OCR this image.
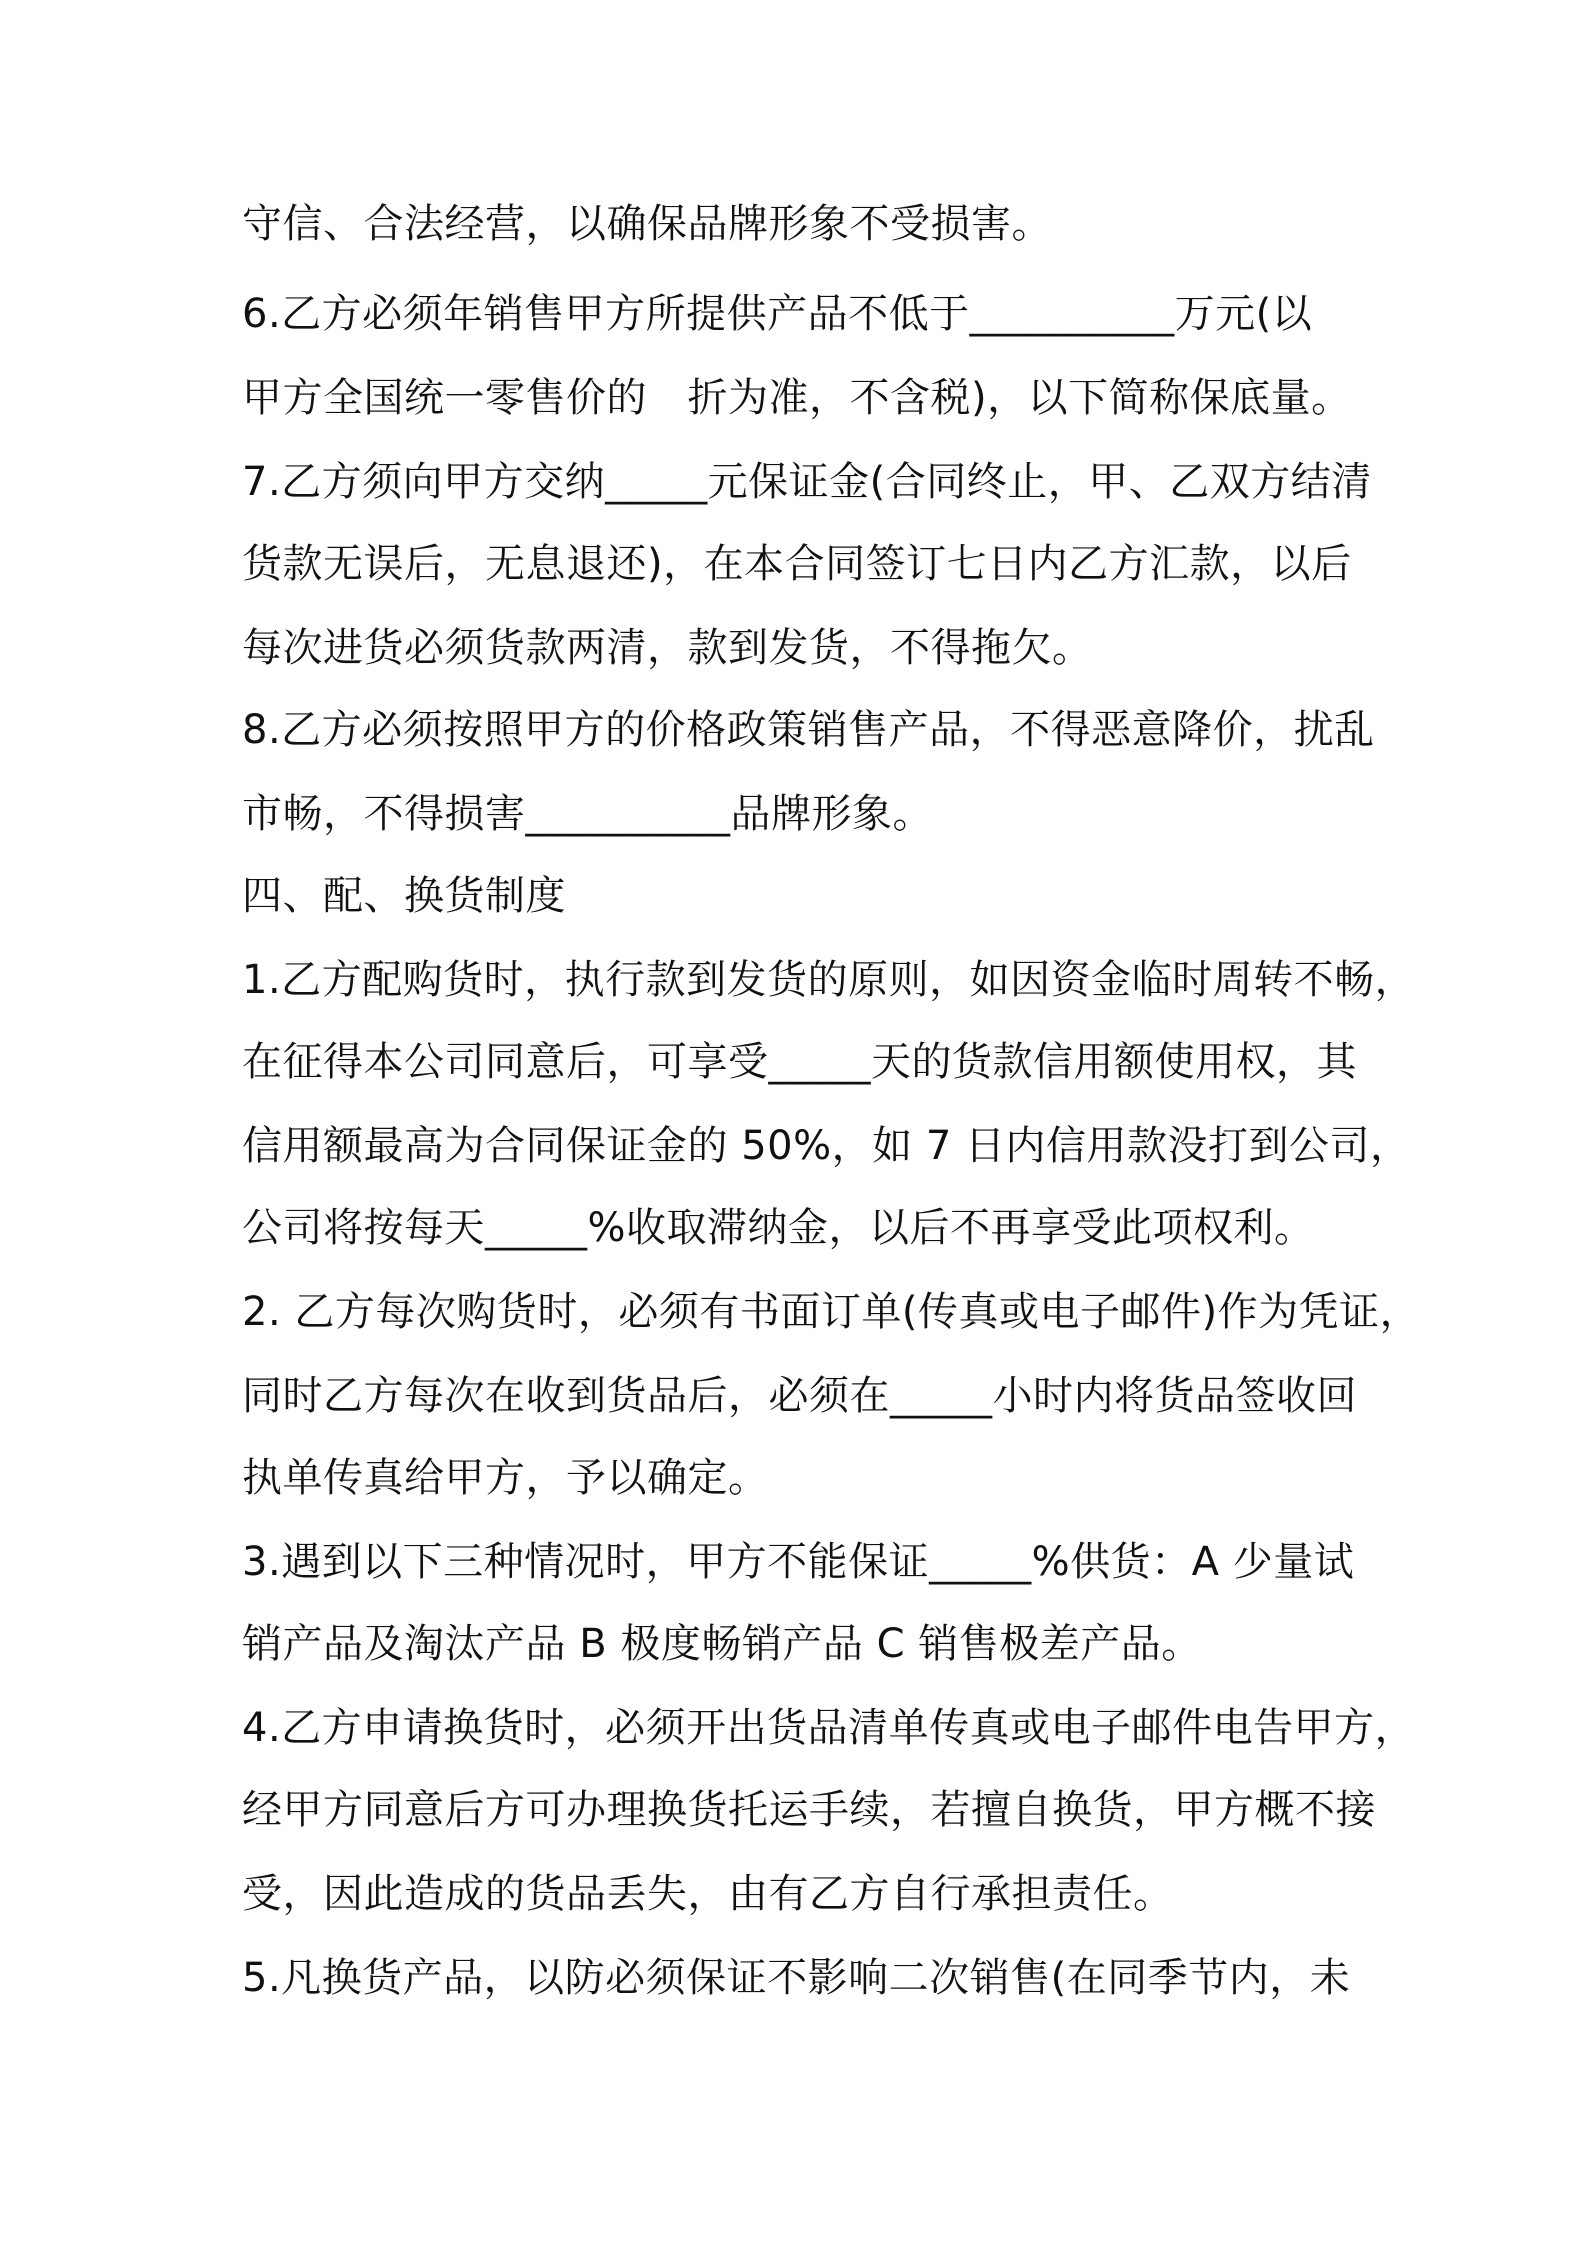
守信、合法经营，以确保品牌形象不受损害。

6.乙方必须年销售甲方所提供产品不低于__________万元(以

甲方全国统一零售价的　折为准，不含税)，以下简称保底量。

7.乙方须向甲方交纳_____元保证金(合同终止，甲、乙双方结清

货款无误后，无息退还)，在本合同签订七日内乙方汇款，以后

每次进货必须货款两清，款到发货，不得拖欠。

8.乙方必须按照甲方的价格政策销售产品，不得恶意降价，扰乱

市畅，不得损害__________品牌形象。

四、配、换货制度

1.乙方配购货时，执行款到发货的原则，如因资金临时周转不畅，

在征得本公司同意后，可享受_____天的货款信用额使用权，其

信用额最高为合同保证金的 50%，如 7 日内信用款没打到公司，

公司将按每天_____%收取滞纳金，以后不再享受此项权利。

2. 乙方每次购货时，必须有书面订单(传真或电子邮件)作为凭证，

同时乙方每次在收到货品后，必须在_____小时内将货品签收回

执单传真给甲方，予以确定。

3.遇到以下三种情况时，甲方不能保证_____%供货：A 少量试

销产品及淘汰产品 B 极度畅销产品 C 销售极差产品。

4.乙方申请换货时，必须开出货品清单传真或电子邮件电告甲方，

经甲方同意后方可办理换货托运手续，若擅自换货，甲方概不接

受，因此造成的货品丢失，由有乙方自行承担责任。

5.凡换货产品，以防必须保证不影响二次销售(在同季节内，未
